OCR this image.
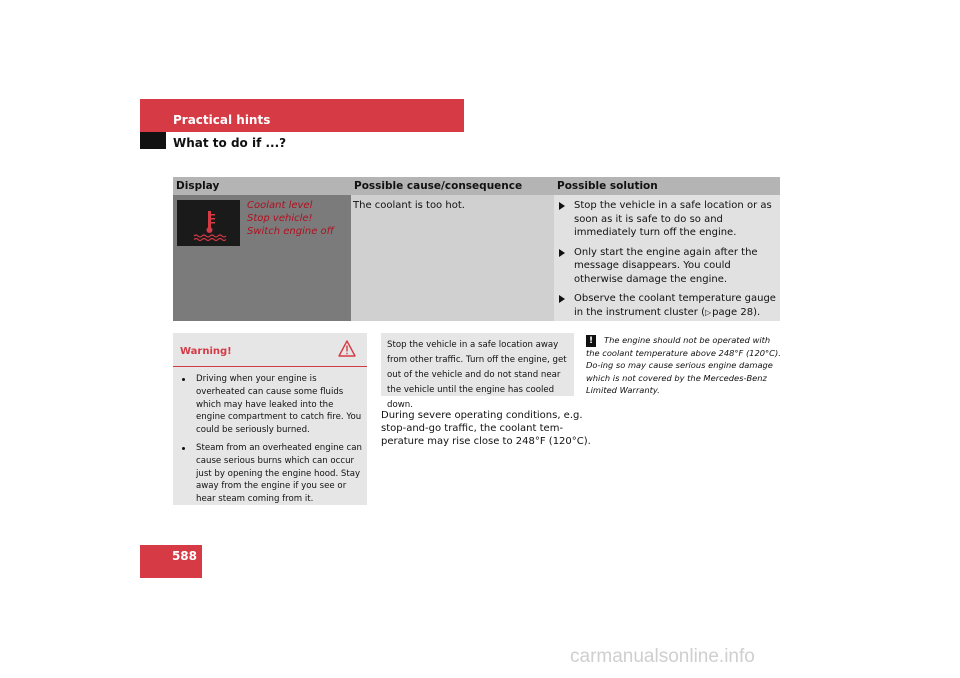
Practical hints
What to do if ...?
Display	Possible cause/consequence	Possible solution
Coolant level
Stop vehicle!
Switch engine off
The coolant is too hot.	Stop the vehicle in a safe location or as soon as it is safe to do so and immediately turn off the engine.
Only start the engine again after the message disappears. You could otherwise damage the engine.
Observe the coolant temperature gauge in the instrument cluster (▷page 28).
Warning!
Driving when your engine is overheated can cause some fluids which may have leaked into the engine compartment to catch fire. You could be seriously burned.
Steam from an overheated engine can cause serious burns which can occur just by opening the engine hood. Stay away from the engine if you see or hear steam coming from it.
Stop the vehicle in a safe location away from other traffic. Turn off the engine, get out of the vehicle and do not stand near the vehicle until the engine has cooled down.
During severe operating conditions, e.g. stop-and-go traffic, the coolant tem-perature may rise close to 248°F (120°C).
!	The engine should not be operated with the coolant temperature above 248°F (120°C). Do-ing so may cause serious engine damage which is not covered by the Mercedes-Benz Limited Warranty.
588
carmanualsonline.info
